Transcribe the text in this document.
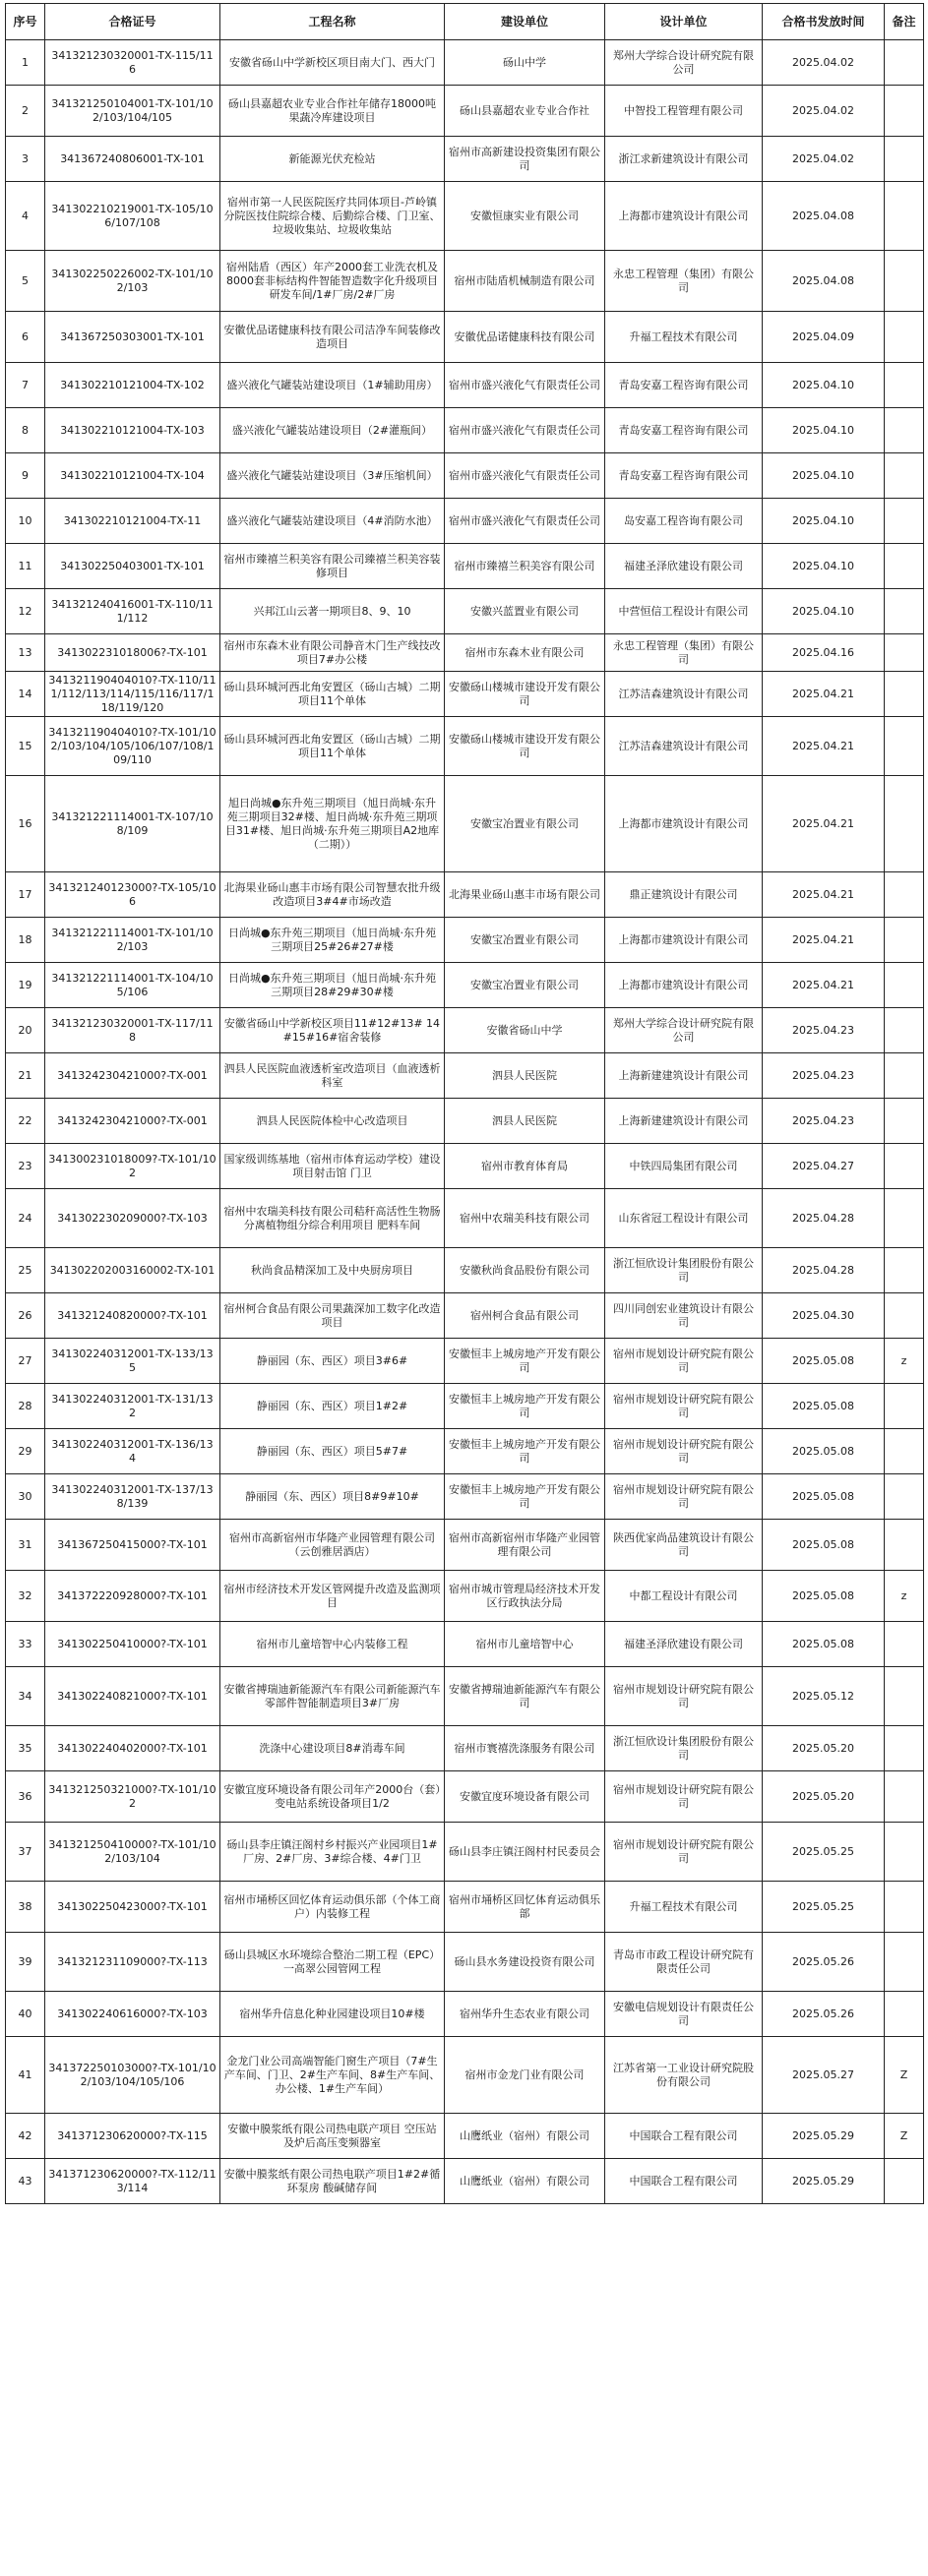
序号	合格证号	工程名称	建设单位	设计单位	合格书发放时间	备注
1	341321230320001-TX-115/116	安徽省砀山中学新校区项目南大门、西大门	砀山中学	郑州大学综合设计研究院有限公司	2025.04.02	
2	341321250104001-TX-101/102/103/104/105	砀山县嘉超农业专业合作社年储存18000吨果蔬冷库建设项目	砀山县嘉超农业专业合作社	中智投工程管理有限公司	2025.04.02	
3	341367240806001-TX-101	新能源光伏充检站	宿州市高新建设投资集团有限公司	浙江求新建筑设计有限公司	2025.04.02	
4	341302210219001-TX-105/106/107/108	宿州市第一人民医院医疗共同体项目-芦岭镇分院医技住院综合楼、后勤综合楼、门卫室、垃圾收集站、垃圾收集站	安徽恒康实业有限公司	上海都市建筑设计有限公司	2025.04.08	
5	341302250226002-TX-101/102/103	宿州陆盾（西区）年产2000套工业洗衣机及8000套非标结构件智能智造数字化升级项目研发车间/1#厂房/2#厂房	宿州市陆盾机械制造有限公司	永忠工程管理（集团）有限公司	2025.04.08	
6	341367250303001-TX-101	安徽优品诺健康科技有限公司洁净车间装修改造项目	安徽优品诺健康科技有限公司	升福工程技术有限公司	2025.04.09	
7	341302210121004-TX-102	盛兴液化气罐装站建设项目（1#辅助用房）	宿州市盛兴液化气有限责任公司	青岛安嘉工程咨询有限公司	2025.04.10	
8	341302210121004-TX-103	盛兴液化气罐装站建设项目（2#灌瓶间）	宿州市盛兴液化气有限责任公司	青岛安嘉工程咨询有限公司	2025.04.10	
9	341302210121004-TX-104	盛兴液化气罐装站建设项目（3#压缩机间）	宿州市盛兴液化气有限责任公司	青岛安嘉工程咨询有限公司	2025.04.10	
10	341302210121004-TX-11	盛兴液化气罐装站建设项目（4#消防水池）	宿州市盛兴液化气有限责任公司	岛安嘉工程咨询有限公司	2025.04.10	
11	341302250403001-TX-101	宿州市臻禧兰积美容有限公司臻禧兰积美容装修项目	宿州市臻禧兰积美容有限公司	福建圣泽欣建设有限公司	2025.04.10	
12	341321240416001-TX-110/111/112	兴邦江山云著一期项目8、9、10	安徽兴蓝置业有限公司	中营恒信工程设计有限公司	2025.04.10	
13	341302231018006?-TX-101	宿州市东森木业有限公司静音木门生产线技改项目7#办公楼	宿州市东森木业有限公司	永忠工程管理（集团）有限公司	2025.04.16	
14	341321190404010?-TX-110/111/112/113/114/115/116/117/118/119/120	砀山县环城河西北角安置区（砀山古城）二期项目11个单体	安徽砀山楼城市建设开发有限公司	江苏洁森建筑设计有限公司	2025.04.21	
15	341321190404010?-TX-101/102/103/104/105/106/107/108/109/110	砀山县环城河西北角安置区（砀山古城）二期项目11个单体	安徽砀山楼城市建设开发有限公司	江苏洁森建筑设计有限公司	2025.04.21	
16	341321221114001-TX-107/108/109	旭日尚城●东升苑三期项目（旭日尚城·东升苑三期项目32#楼、旭日尚城·东升苑三期项目31#楼、旭日尚城·东升苑三期项目A2地库（二期））	安徽宝冶置业有限公司	上海都市建筑设计有限公司	2025.04.21	
17	341321240123000?-TX-105/106	北海果业砀山惠丰市场有限公司智慧农批升级改造项目3#4#市场改造	北海果业砀山惠丰市场有限公司	鼎正建筑设计有限公司	2025.04.21	
18	341321221114001-TX-101/102/103	日尚城●东升苑三期项目（旭日尚城·东升苑三期项目25#26#27#楼	安徽宝冶置业有限公司	上海都市建筑设计有限公司	2025.04.21	
19	341321221114001-TX-104/105/106	日尚城●东升苑三期项目（旭日尚城·东升苑三期项目28#29#30#楼	安徽宝冶置业有限公司	上海都市建筑设计有限公司	2025.04.21	
20	341321230320001-TX-117/118	安徽省砀山中学新校区项目11#12#13# 14#15#16#宿舍装修	安徽省砀山中学	郑州大学综合设计研究院有限公司	2025.04.23	
21	341324230421000?-TX-001	泗县人民医院血液透析室改造项目（血液透析科室	泗县人民医院	上海新建建筑设计有限公司	2025.04.23	
22	341324230421000?-TX-001	泗县人民医院体检中心改造项目	泗县人民医院	上海新建建筑设计有限公司	2025.04.23	
23	341300231018009?-TX-101/102	国家级训练基地（宿州市体育运动学校）建设项目射击馆 门卫	宿州市教育体育局	中铁四局集团有限公司	2025.04.27	
24	341302230209000?-TX-103	宿州中农瑞美科技有限公司秸秆高活性生物肠分离植物组分综合利用项目 肥料车间	宿州中农瑞美科技有限公司	山东省冠工程设计有限公司	2025.04.28	
25	341302202003160002-TX-101	秋尚食品精深加工及中央厨房项目	安徽秋尚食品股份有限公司	浙江恒欣设计集团股份有限公司	2025.04.28	
26	341321240820000?-TX-101	宿州柯合食品有限公司果蔬深加工数字化改造项目	宿州柯合食品有限公司	四川同创宏业建筑设计有限公司	2025.04.30	
27	341302240312001-TX-133/135	静丽园（东、西区）项目3#6#	安徽恒丰上城房地产开发有限公司	宿州市规划设计研究院有限公司	2025.05.08	z
28	341302240312001-TX-131/132	静丽园（东、西区）项目1#2#	安徽恒丰上城房地产开发有限公司	宿州市规划设计研究院有限公司	2025.05.08	
29	341302240312001-TX-136/134	静丽园（东、西区）项目5#7#	安徽恒丰上城房地产开发有限公司	宿州市规划设计研究院有限公司	2025.05.08	
30	341302240312001-TX-137/138/139	静丽园（东、西区）项目8#9#10#	安徽恒丰上城房地产开发有限公司	宿州市规划设计研究院有限公司	2025.05.08	
31	341367250415000?-TX-101	宿州市高新宿州市华隆产业园管理有限公司（云创雅居酒店）	宿州市高新宿州市华隆产业园管理有限公司	陕西优家尚品建筑设计有限公司	2025.05.08	
32	341372220928000?-TX-101	宿州市经济技术开发区管网提升改造及监测项目	宿州市城市管理局经济技术开发区行政执法分局	中都工程设计有限公司	2025.05.08	z
33	341302250410000?-TX-101	宿州市儿童培智中心内装修工程	宿州市儿童培智中心	福建圣泽欣建设有限公司	2025.05.08	
34	341302240821000?-TX-101	安徽省搏瑞迪新能源汽车有限公司新能源汽车零部件智能制造项目3#厂房	安徽省搏瑞迪新能源汽车有限公司	宿州市规划设计研究院有限公司	2025.05.12	
35	341302240402000?-TX-101	洗涤中心建设项目8#消毒车间	宿州市寰禧洗涤服务有限公司	浙江恒欣设计集团股份有限公司	2025.05.20	
36	341321250321000?-TX-101/102	安徽宜度环境设备有限公司年产2000台（套）变电站系统设备项目1/2	安徽宜度环境设备有限公司	宿州市规划设计研究院有限公司	2025.05.20	
37	341321250410000?-TX-101/102/103/104	砀山县李庄镇汪阁村乡村振兴产业园项目1#厂房、2#厂房、3#综合楼、4#门卫	砀山县李庄镇汪阁村村民委员会	宿州市规划设计研究院有限公司	2025.05.25	
38	341302250423000?-TX-101	宿州市埇桥区回忆体育运动俱乐部（个体工商户）内装修工程	宿州市埇桥区回忆体育运动俱乐部	升福工程技术有限公司	2025.05.25	
39	341321231109000?-TX-113	砀山县城区水环境综合整治二期工程（EPC）一高翠公园管网工程	砀山县水务建设投资有限公司	青岛市市政工程设计研究院有限责任公司	2025.05.26	
40	341302240616000?-TX-103	宿州华升信息化种业园建设项目10#楼	宿州华升生态农业有限公司	安徽电信规划设计有限责任公司	2025.05.26	
41	341372250103000?-TX-101/102/103/104/105/106	金龙门业公司高端智能门窗生产项目（7#生产车间、门卫、2#生产车间、8#生产车间、办公楼、1#生产车间）	宿州市金龙门业有限公司	江苏省第一工业设计研究院股份有限公司	2025.05.27	Z
42	341371230620000?-TX-115	安徽中膜浆纸有限公司热电联产项目 空压站及炉后高压变频器室	山鹰纸业（宿州）有限公司	中国联合工程有限公司	2025.05.29	Z
43	341371230620000?-TX-112/113/114	安徽中膜浆纸有限公司热电联产项目1#2#循环泵房 酸碱储存间	山鹰纸业（宿州）有限公司	中国联合工程有限公司	2025.05.29	
